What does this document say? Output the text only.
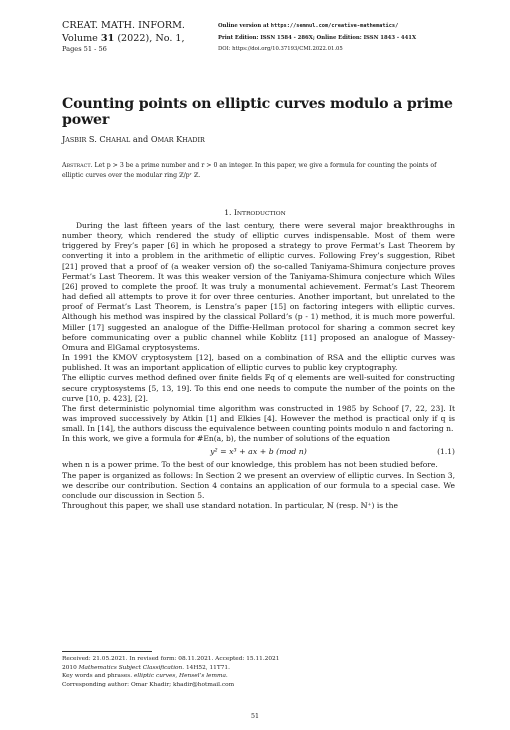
CREAT. MATH. INFORM.
Volume 31 (2022), No. 1,
Pages 51 - 56
Online version at https://semnul.com/creative-mathematics/
Print Edition: ISSN 1584 - 286X; Online Edition: ISSN 1843 - 441X
DOI: https://doi.org/10.37193/CMI.2022.01.05
Counting points on elliptic curves modulo a prime power
JASBIR S. CHAHAL and OMAR KHADIR
ABSTRACT. Let p > 3 be a prime number and r > 0 an integer. In this paper, we give a formula for counting the points of elliptic curves over the modular ring ℤ/pʳ ℤ.
1. INTRODUCTION

During the last fifteen years of the last century, there were several major breakthroughs in number theory, which rendered the study of elliptic curves indispensable. Most of them were triggered by Frey’s paper [6] in which he proposed a strategy to prove Fermat’s Last Theorem by converting it into a problem in the arithmetic of elliptic curves. Following Frey’s suggestion, Ribet [21] proved that a proof of (a weaker version of) the so-called Taniyama-Shimura conjecture proves Fermat’s Last Theorem. It was this weaker version of the Taniyama-Shimura conjecture which Wiles [26] proved to complete the proof. It was truly a monumental achievement. Fermat’s Last Theorem had defied all attempts to prove it for over three centuries. Another important, but unrelated to the proof of Fermat’s Last Theorem, is Lenstra’s paper [15] on factoring integers with elliptic curves. Although his method was inspired by the classical Pollard’s (p - 1) method, it is much more powerful. Miller [17] suggested an analogue of the Diffie-Hellman protocol for sharing a common secret key before communicating over a public channel while Koblitz [11] proposed an analogue of Massey-Omura and ElGamal cryptosystems.

In 1991 the KMOV cryptosystem [12], based on a combination of RSA and the elliptic curves was published. It was an important application of elliptic curves to public key cryptography.

The elliptic curves method defined over finite fields 𝔽q of q elements are well-suited for constructing secure cryptosystems [5, 13, 19]. To this end one needs to compute the number of the points on the curve [10, p. 423], [2].

The first deterministic polynomial time algorithm was constructed in 1985 by Schoof [7, 22, 23]. It was improved successively by Atkin [1] and Elkies [4]. However the method is practical only if q is small. In [14], the authors discuss the equivalence between counting points modulo n and factoring n.

In this work, we give a formula for #En(a, b), the number of solutions of the equation

y² = x³ + ax + b (mod n)	(1.1)

when n is a power prime. To the best of our knowledge, this problem has not been studied before.

The paper is organized as follows: In Section 2 we present an overview of elliptic curves. In Section 3, we describe our contribution. Section 4 contains an application of our formula to a special case. We conclude our discussion in Section 5.

Throughout this paper, we shall use standard notation. In particular, ℕ (resp. ℕ⁺) is the

Received: 21.05.2021. In revised form: 08.11.2021. Accepted: 15.11.2021
2010 Mathematics Subject Classification. 14H52, 11T71.
Key words and phrases. elliptic curves, Hensel’s lemma.
Corresponding author: Omar Khadir; khadir@hotmail.com
51
